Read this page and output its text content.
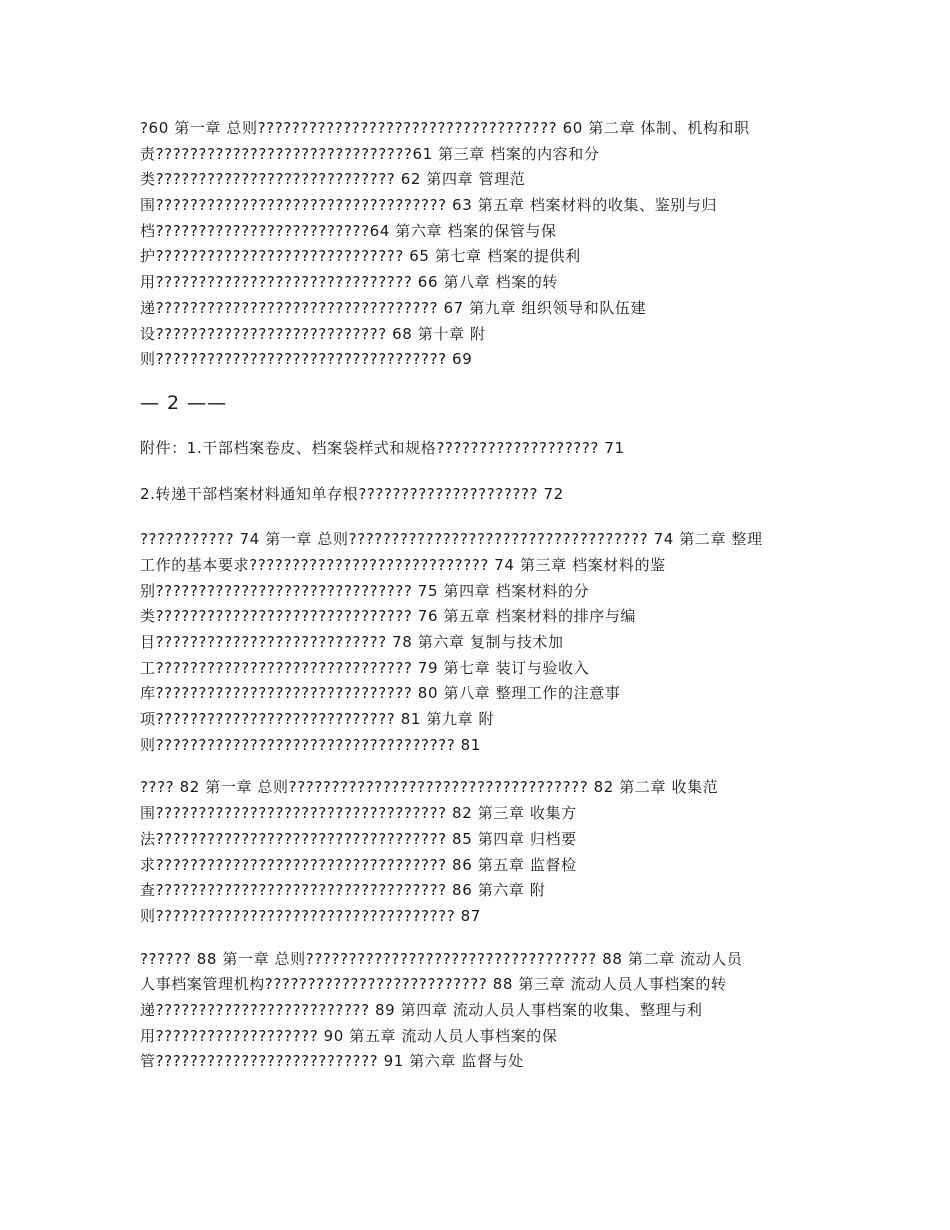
?60 第一章 总则??????????????????????????????????? 60 第二章 体制、机构和职
责??????????????????????????????61 第三章 档案的内容和分
类???????????????????????????? 62 第四章 管理范
围?????????????????????????????????? 63 第五章 档案材料的收集、鉴别与归
档?????????????????????????64 第六章 档案的保管与保
护????????????????????????????? 65 第七章 档案的提供利
用?????????????????????????????? 66 第八章 档案的转
递????????????????????????????????? 67 第九章 组织领导和队伍建
设??????????????????????????? 68 第十章 附
则?????????????????????????????????? 69
— 2 ——
附件：1.干部档案卷皮、档案袋样式和规格??????????????????? 71
2.转递干部档案材料通知单存根????????????????????? 72
??????????? 74 第一章 总则??????????????????????????????????? 74 第二章 整理
工作的基本要求???????????????????????????? 74 第三章 档案材料的鉴
别?????????????????????????????? 75 第四章 档案材料的分
类?????????????????????????????? 76 第五章 档案材料的排序与编
目??????????????????????????? 78 第六章 复制与技术加
工?????????????????????????????? 79 第七章 装订与验收入
库?????????????????????????????? 80 第八章 整理工作的注意事
项???????????????????????????? 81 第九章 附
则??????????????????????????????????? 81
???? 82 第一章 总则??????????????????????????????????? 82 第二章 收集范
围?????????????????????????????????? 82 第三章 收集方
法?????????????????????????????????? 85 第四章 归档要
求?????????????????????????????????? 86 第五章 监督检
查?????????????????????????????????? 86 第六章 附
则??????????????????????????????????? 87
?????? 88 第一章 总则?????????????????????????????????? 88 第二章 流动人员
人事档案管理机构?????????????????????????? 88 第三章 流动人员人事档案的转
递????????????????????????? 89 第四章 流动人员人事档案的收集、整理与利
用??????????????????? 90 第五章 流动人员人事档案的保
管?????????????????????????? 91 第六章 监督与处
